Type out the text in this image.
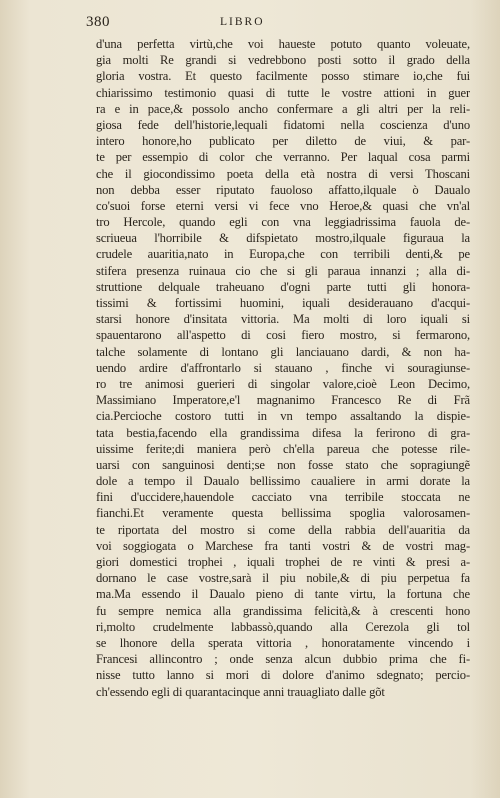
380	LIBRO
d'una perfetta virtù,che voi haueste potuto quanto voleuate,
gia molti Re grandi si vedrebbono posti sotto il grado della
gloria vostra. Et questo facilmente posso stimare io,che fui
chiarissimo testimonio quasi di tutte le vostre attioni in guer
ra e in pace,& possolo ancho confermare a gli altri per la reli-
giosa fede dell'historie,lequali fidatomi nella coscienza d'uno
intero honore,ho publicato per diletto de viui, & par-
te per essempio di color che verranno. Per laqual cosa parmi
che il giocondissimo poeta della età nostra di versi Thoscani
non debba esser riputato fauoloso affatto,ilquale ò Daualo
co'suoi forse eterni versi vi fece vno Heroe,& quasi che vn'al
tro Hercole, quando egli con vna leggiadrissima fauola de-
scriueua l'horribile & difspietato mostro,ilquale figuraua la
crudele auaritia,nato in Europa,che con terribili denti,& pe
stifera presenza ruinaua cio che si gli paraua innanzi ; alla di-
struttione delquale traheuano d'ogni parte tutti gli honora-
tissimi & fortissimi huomini, iquali desiderauano d'acqui-
starsi honore d'insitata vittoria. Ma molti di loro iquali si
spauentarono all'aspetto di cosi fiero mostro, si fermarono,
talche solamente di lontano gli lanciauano dardi, & non ha-
uendo ardire d'affrontarlo si stauano , finche vi souragiunse-
ro tre animosi guerieri di singolar valore,cioè Leon Decimo,
Massimiano Imperatore,e'l magnanimo Francesco Re di Frã
cia.Percioche costoro tutti in vn tempo assaltando la dispie-
tata bestia,facendo ella grandissima difesa la ferirono di gra-
uissime ferite;di maniera però ch'ella pareua che potesse rile-
uarsi con sanguinosi denti;se non fosse stato che sopragiungẽ
dole a tempo il Daualo bellissimo caualiere in armi dorate la
fini d'uccidere,hauendole cacciato vna terribile stoccata ne
fianchi.Et veramente questa bellissima spoglia valorosamen-
te riportata del mostro si come della rabbia dell'auaritia da
voi soggiogata o Marchese fra tanti vostri & de vostri mag-
giori domestici trophei , iquali trophei de re vinti & presi a-
dornano le case vostre,sarà il piu nobile,& di piu perpetua fa
ma.Ma essendo il Daualo pieno di tante virtu, la fortuna che
fu sempre nemica alla grandissima felicità,& à crescenti hono
ri,molto crudelmente labbassò,quando alla Cerezola gli tol
se lhonore della sperata vittoria , honoratamente vincendo i
Francesi allincontro ; onde senza alcun dubbio prima che fi-
nisse tutto lanno si mori di dolore d'animo sdegnato; percio-
ch'essendo egli di quarantacinque anni trauagliato dalle gõt
